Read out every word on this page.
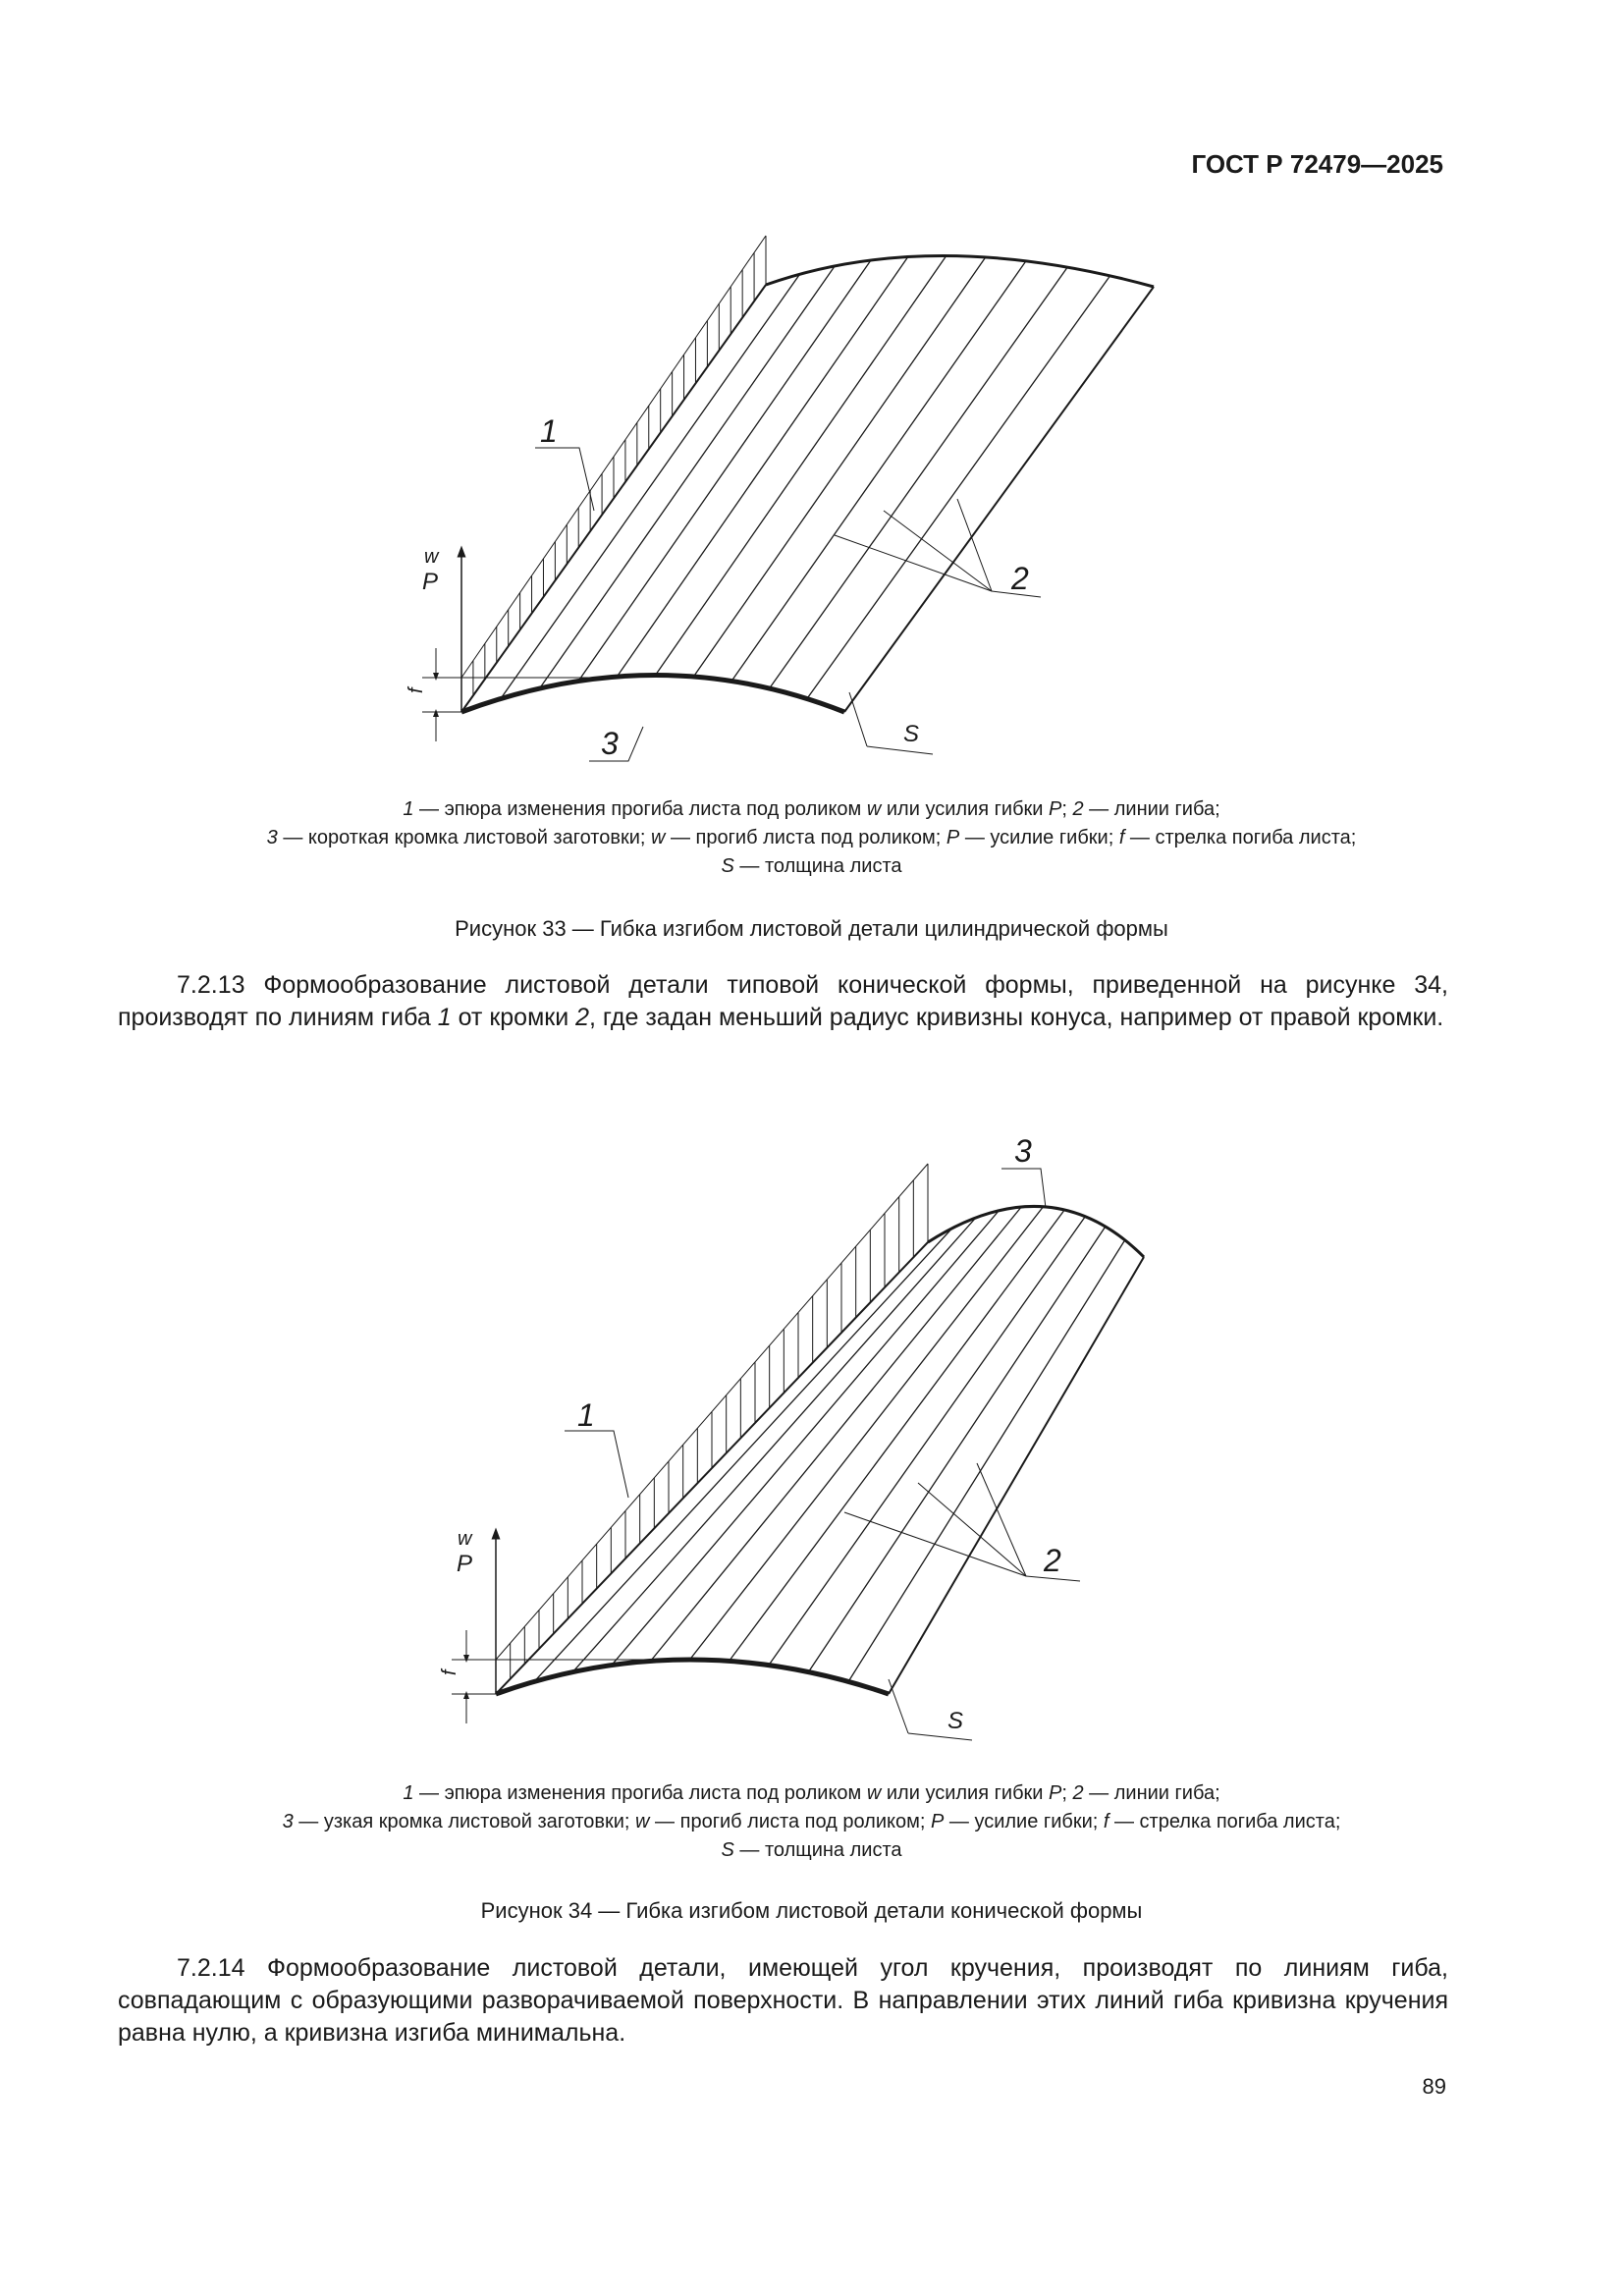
ГОСТ Р 72479—2025
1
2
3
w
P
f
S
1 — эпюра изменения прогиба листа под роликом w или усилия гибки P; 2 — линии гиба;
3 — короткая кромка листовой заготовки; w — прогиб листа под роликом; P — усилие гибки; f — стрелка погиба листа;
S — толщина листа
Рисунок 33 — Гибка изгибом листовой детали цилиндрической формы

7.2.13 Формообразование листовой детали типовой конической формы, приведенной на рисунке 34, производят по линиям гиба 1 от кромки 2, где задан меньший радиус кривизны конуса, например от правой кромки.

1
2
3
w
P
f
S
1 — эпюра изменения прогиба листа под роликом w или усилия гибки P; 2 — линии гиба;
3 — узкая кромка листовой заготовки; w — прогиб листа под роликом; P — усилие гибки; f — стрелка погиба листа;
S — толщина листа
Рисунок 34 — Гибка изгибом листовой детали конической формы

7.2.14 Формообразование листовой детали, имеющей угол кручения, производят по линиям гиба, совпадающим с образующими разворачиваемой поверхности. В направлении этих линий гиба кривизна кручения равна нулю, а кривизна изгиба минимальна.

89
